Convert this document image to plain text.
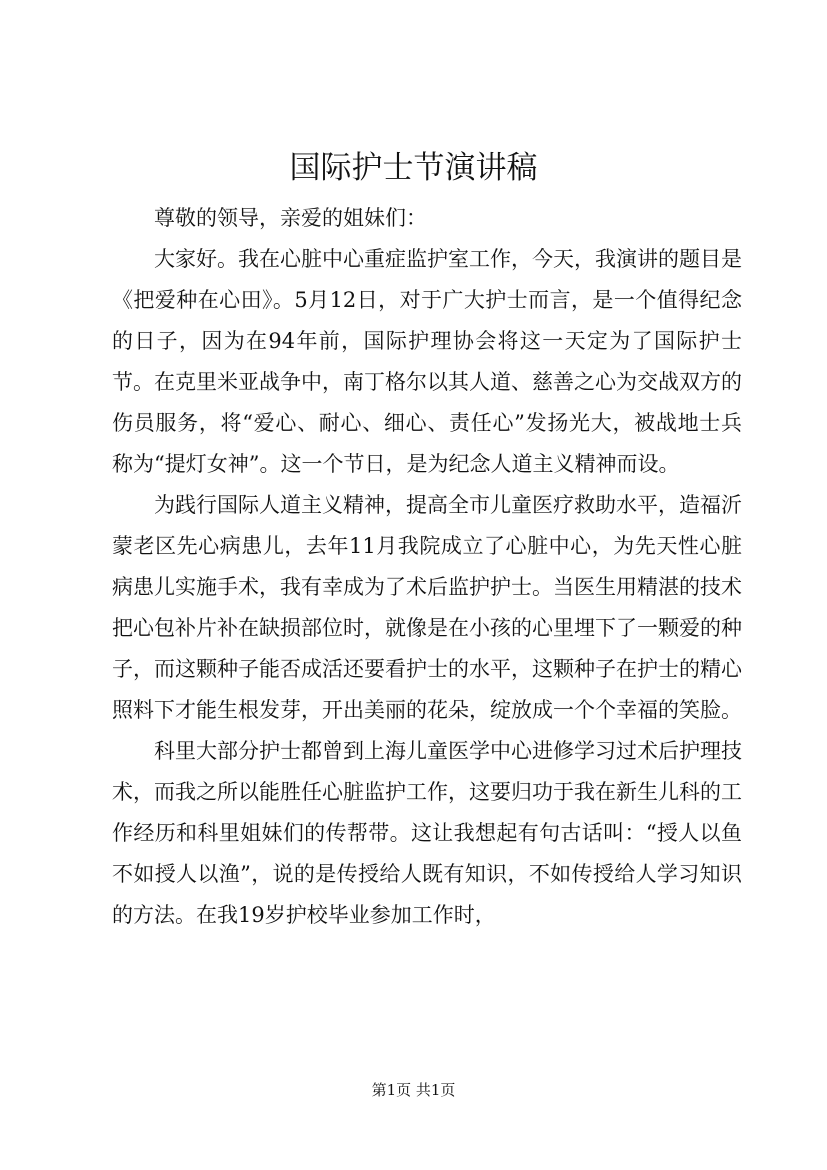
国际护士节演讲稿

尊敬的领导，亲爱的姐妹们：

大家好。我在心脏中心重症监护室工作，今天，我演讲的题目是《把爱种在心田》。5月12日，对于广大护士而言，是一个值得纪念的日子，因为在94年前，国际护理协会将这一天定为了国际护士节。在克里米亚战争中，南丁格尔以其人道、慈善之心为交战双方的伤员服务，将“爱心、耐心、细心、责任心”发扬光大，被战地士兵称为“提灯女神”。这一个节日，是为纪念人道主义精神而设。

为践行国际人道主义精神，提高全市儿童医疗救助水平，造福沂蒙老区先心病患儿，去年11月我院成立了心脏中心，为先天性心脏病患儿实施手术，我有幸成为了术后监护护士。当医生用精湛的技术把心包补片补在缺损部位时，就像是在小孩的心里埋下了一颗爱的种子，而这颗种子能否成活还要看护士的水平，这颗种子在护士的精心照料下才能生根发芽，开出美丽的花朵，绽放成一个个幸福的笑脸。

科里大部分护士都曾到上海儿童医学中心进修学习过术后护理技术，而我之所以能胜任心脏监护工作，这要归功于我在新生儿科的工作经历和科里姐妹们的传帮带。这让我想起有句古话叫：“授人以鱼不如授人以渔”，说的是传授给人既有知识，不如传授给人学习知识的方法。在我19岁护校毕业参加工作时，

第1页 共1页
